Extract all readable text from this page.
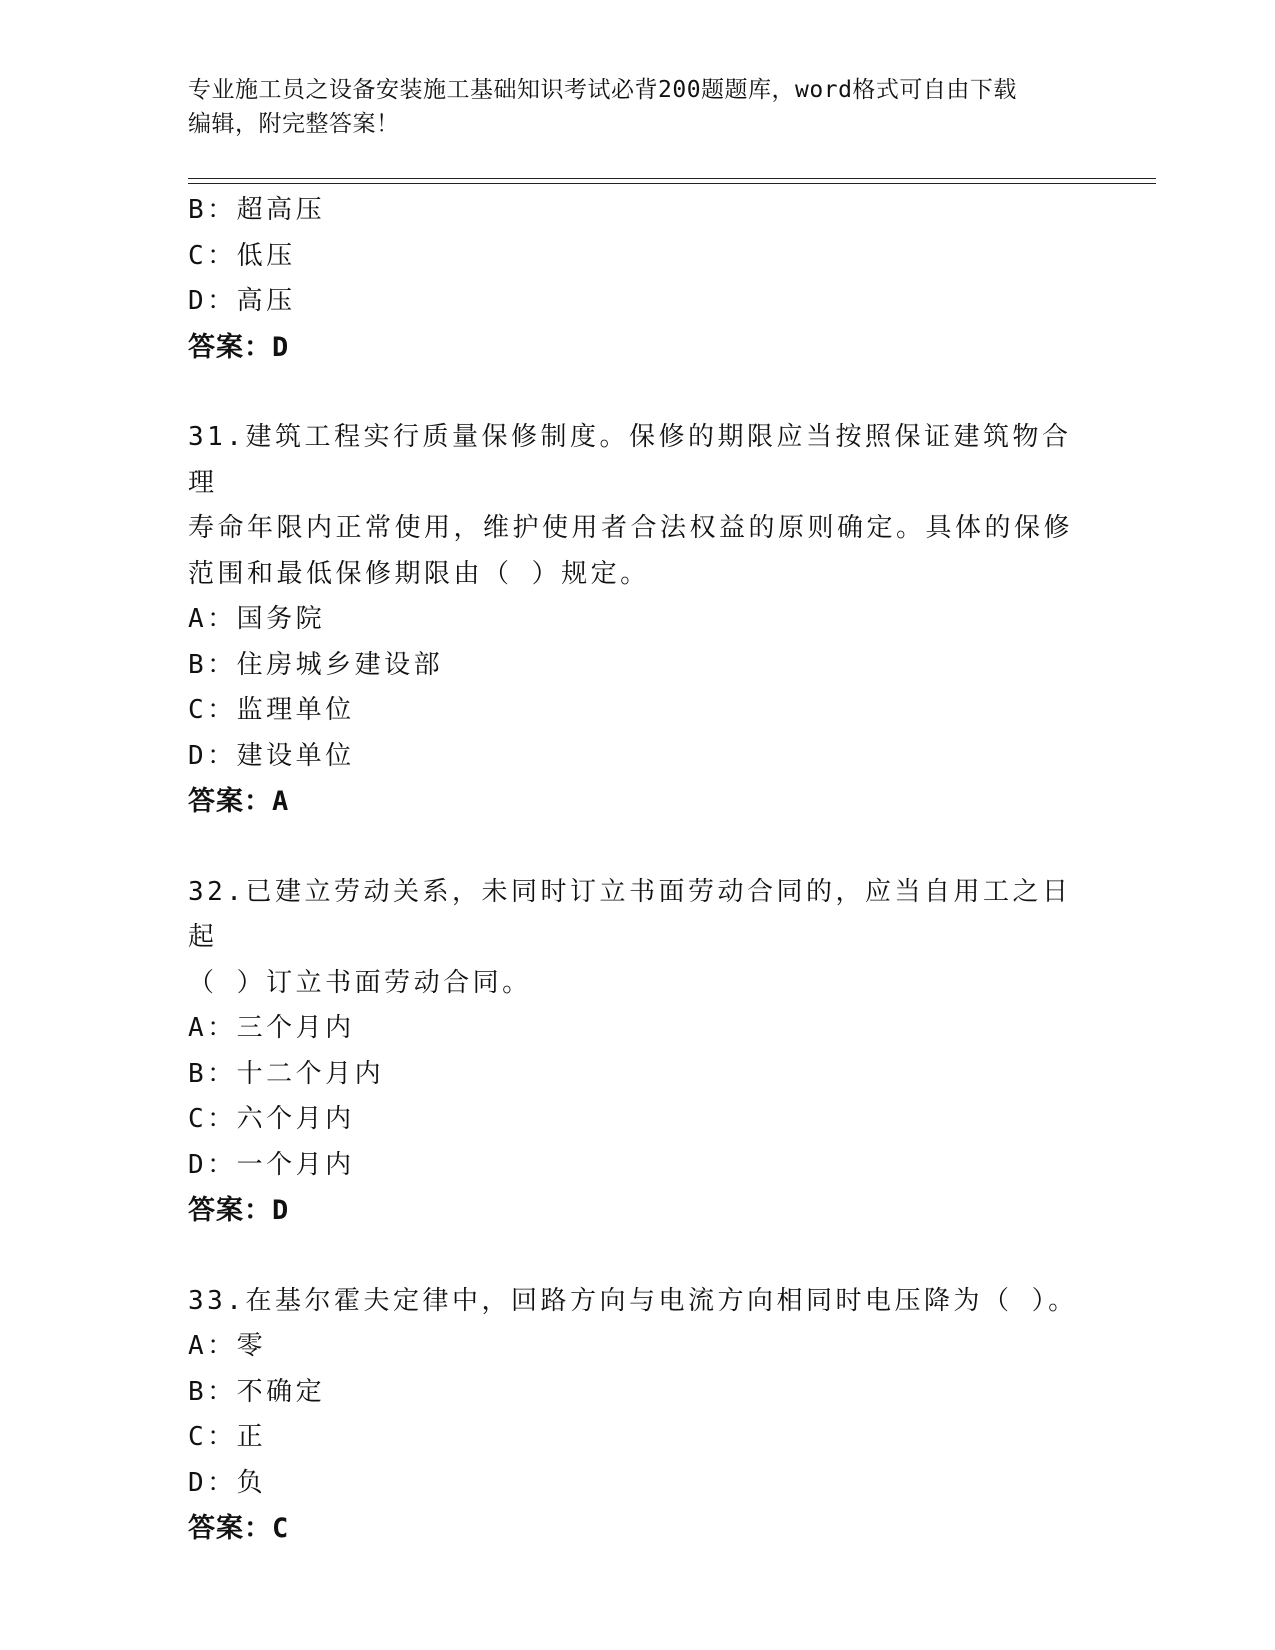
专业施工员之设备安装施工基础知识考试必背200题题库，word格式可自由下载
编辑，附完整答案！
B：超高压
C：低压
D：高压
答案：D
31.建筑工程实行质量保修制度。保修的期限应当按照保证建筑物合理
寿命年限内正常使用，维护使用者合法权益的原则确定。具体的保修
范围和最低保修期限由（ ）规定。
A：国务院
B：住房城乡建设部
C：监理单位
D：建设单位
答案：A
32.已建立劳动关系，未同时订立书面劳动合同的，应当自用工之日起
（ ）订立书面劳动合同。
A：三个月内
B：十二个月内
C：六个月内
D：一个月内
答案：D
33.在基尔霍夫定律中，回路方向与电流方向相同时电压降为（ ）。
A：零
B：不确定
C：正
D：负
答案：C
